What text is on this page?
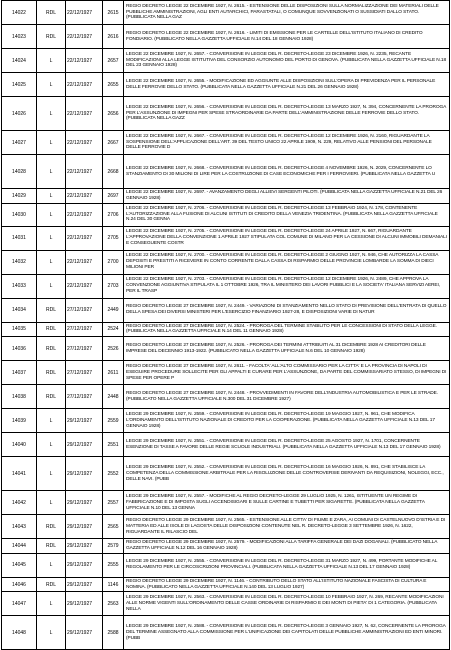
14022	RDL	22/12/1927	2615	REGIO DECRETO LEGGE 22 DICEMBRE 1927, N. 2615. - ESTENSIONE DELLE DISPOSIZIONI SULLA NORMALIZZAZIONE DEI MATERIALI DELLE PUBBLICHE AMMINISTRAZIONI, AGLI ENTI AUTARCHICI, PARASTATALI, O COMUNQUE SOVVENZIONATI O SUSSIDIATI DALLO STATO. (PUBBLICATA NELLA GAZ
14023	RDL	22/12/1927	2616	REGIO DECRETO LEGGE 22 DICEMBRE 1927, N. 2616. - LIMITI DI EMISSIONE PER LE CARTELLE DELL'ISTITUTO ITALIANO DI CREDITO FONDIARIO. (PUBBLICATO NELLA GAZZETTA UFFICIALE N.14 DEL 18 GENNAIO 1928)
14024	L	22/12/1927	2657	LEGGE 22 DICEMBRE 1927, N. 2657. - CONVERSIONE IN LEGGE DEL R. DECRETO-LEGGE 23 DICEMBRE 1926, N. 2235, RECANTE MODIFICAZIONI ALLA LEGGE ISTITUTIVA DEL CONSORZIO AUTONOMO DEL PORTO DI GENOVA. (PUBBLICATA NELLA GAZZETTA UFFICIALE N.18 DEL 23 GENNAIO 1928)
14025	L	22/12/1927	2655	LEGGE 22 DICEMBRE 1927, N. 2655. - MODIFICAZIONE ED AGGIUNTE ALLE DISPOSIZIONI SULL'OPERA DI PREVIDENZA PER IL PERSONALE DELLE FERROVIE DELLO STATO. (PUBBLICATA NELLA GAZZETTA UFFICIALE N.21 DEL 26 GENNAIO 1928)
14026	L	22/12/1927	2656	LEGGE 22 DICEMBRE 1927, N. 2656. - CONVERSIONE IN LEGGE DEL R. DECRETO-LEGGE 13 MARZO 1927, N. 394, CONCERNENTE LA PROROGA PER L'ASSUNZIONE DI IMPEGNI PER SPESE STRAORDINARIE DA PARTE DELL'AMMINISTRAZIONE DELLE FERROVIE DELLO STATO. (PUBBLICATA NELLA GAZZ
14027	L	22/12/1927	2667	LEGGE 22 DICEMBRE 1927, N. 2667. - CONVERSIONE IN LEGGE DEL R. DECRETO-LEGGE 12 DICEMBRE 1926, N. 2160, RIGUARDANTE LA SOSPENSIONE DELL'APPLICAZIONE DELL'ART. 39 DEL TESTO UNICO 22 APRILE 1909, N. 229, RELATIVO ALLE PENSIONI DEL PERSONALE DELLE FERROVIE D
14028	L	22/12/1927	2668	LEGGE 22 DICEMBRE 1927, N. 2668. - CONVERSIONE IN LEGGE DEL R. DECRETO-LEGGE 4 NOVEMBRE 1926, N. 2029, CONCERNENTE LO STANZIAMENTO DI 30 MILIONI DI LIRE PER LA COSTRUZIONE DI CASE ECONOMICHE PER I FERROVIERI. (PUBBLICATA NELLA GAZZETTA U
14029	L	22/12/1927	2697	LEGGE 22 DICEMBRE 1927, N. 2697. - AVANZAMENTO DEGLI ALLIEVI SERGENTI PILOTI. (PUBBLICATA NELLA GAZZETTA UFFICIALE N.21 DEL 26 GENNAIO 1928)
14030	L	22/12/1927	2706	LEGGE 22 DICEMBRE 1927, N. 2706. - CONVERSIONE IN LEGGE DEL R. DECRETO-LEGGE 13 FEBBRAIO 1924, N. 178, CONTENENTE L'AUTORIZZAZIONE ALLA FUSIONE DI ALCUNI ISTITUTI DI CREDITO DELLA VENEZIA TRIDENTINA. (PUBBLICATA NELLA GAZZETTA UFFICIALE N.24 DEL 30 GENNA
14031	L	22/12/1927	2705	LEGGE 22 DICEMBRE 1927, N. 2705. - CONVERSIONE IN LEGGE DEL R. DECRETO-LEGGE 24 APRILE 1927, N. 667, RIGUARDANTE L'APPROVAZIONE DELLA CONVENZIONE 1 APRILE 1927 STIPULATA COL COMUNE DI MILANO PER LA CESSIONE DI ALCUNI IMMOBILI DEMANIALI E CONSEGUENTE COSTR
14032	L	22/12/1927	2700	LEGGE 22 DICEMBRE 1927, N. 2700. - CONVERSIONE IN LEGGE DEL R. DECRETO-LEGGE 2 GIUGNO 1927, N. 946, CHE AUTORIZZA LA CASSA DEPOSITI E PRESTITI A RICEVERE IN CONTO CORRENTE DALLA CASSA DI RISPARMIO DELLE PROVINCIE LOMBARDE LA SOMMA DI DIECI MILIONI PER
14033	L	22/12/1927	2703	LEGGE 22 DICEMBRE 1927, N. 2703. - CONVERSIONE IN LEGGE DEL R. DECRETO-LEGGE 12 DICEMBRE 1926, N. 2489, CHE APPROVA LA CONVENZIONE AGGIUNTIVA STIPULATA IL 1 OTTOBRE 1926, TRA IL MINISTERO DEI LAVORI PUBBLICI E LA SOCIETA' ITALIANA SERVIZI AEREI, PER IL TRASP
14034	RDL	27/12/1927	2449	REGIO DECRETO LEGGE 27 DICEMBRE 1927, N. 2449. - VARIAZIONI DI STANZIAMENTO NELLO STATO DI PREVISIONE DELL'ENTRATA DI QUELLO DELLA SPESA DEI DIVERSI MINISTERI PER L'ESERCIZIO FINANZIARIO 1927-28, E DISPOSIZIONI VARIE DI NATUR
14035	RDL	27/12/1927	2524	REGIO DECRETO LEGGE 27 DICEMBRE 1927, N. 2524. - PROROGA DEL TERMINE STABILITO PER LE CONCESSIONI DI STATO DELLA LEGGE. (PUBBLICATA NELLA GAZZETTA UFFICIALE N.14 DEL 11 GENNAIO 1928)
14036	RDL	27/12/1927	2526	REGIO DECRETO LEGGE 27 DICEMBRE 1927, N. 2526. - PROROGA DEI TERMINI ATTRIBUITI AL 31 DICEMBRE 1928 AI CREDITORI DELLE IMPRESE DEL DECENNIO 1913-1922. (PUBBLICATO NELLA GAZZETTA UFFICIALE N.6 DEL 10 GENNAIO 1928)
14037	RDL	27/12/1927	2611	REGIO DECRETO LEGGE 27 DICEMBRE 1927, N. 2611. - FACOLTA' ALL'ALTO COMMISSARIO PER LA CITTA' E LA PROVINCIA DI NAPOLI DI ESEGUIRE PROCEDURE SOLLECITE PER GLI APPALTI E CURARE PER L'ASSUNZIONE, DA PARTE DEL COMMISSARIATO STESSO, DI IMPEGNI DI SPESE PER OPERE P
14038	RDL	27/12/1927	2448	REGIO DECRETO LEGGE 27 DICEMBRE 1927, N. 2448. - PROVVEDIMENTI IN FAVORE DELL'INDUSTRIA AUTOMOBILISTICA E PER LE STRADE. (PUBBLICATO NELLA GAZZETTA UFFICIALE N.300 DEL 31 DICEMBRE 1927)
14039	L	29/12/1927	2559	LEGGE 29 DICEMBRE 1927, N. 2559. - CONVERSIONE IN LEGGE DEL R. DECRETO-LEGGE 19 MAGGIO 1927, N. 961, CHE MODIFICA L'ORDINAMENTO DELL'ISTITUTO NAZIONALE DI CREDITO PER LA COOPERAZIONE. (PUBBLICATA NELLA GAZZETTA UFFICIALE N.13 DEL 17 GENNAIO 1928)
14040	L	29/12/1927	2551	LEGGE 29 DICEMBRE 1927, N. 2551. - CONVERSIONE IN LEGGE DEL R. DECRETO-LEGGE 25 AGOSTO 1927, N. 1701, CONCERNENTE ESENZIONE DI TASSE A FAVORE DELLE REGIE SCUOLE INDUSTRIALI. (PUBBLICATA NELLA GAZZETTA UFFICIALE N.13 DEL 17 GENNAIO 1928)
14041	L	29/12/1927	2552	LEGGE 29 DICEMBRE 1927, N. 2552. - CONVERSIONE IN LEGGE DEL R. DECRETO-LEGGE 16 MAGGIO 1926, N. 891, CHE STABILISCE LA COMPETENZA DELLA COMMISSIONE ARBITRALE PER LA RISOLUZIONE DELLE CONTROVERSIE DERIVANTI DA REQUISIZIONI, NOLEGGI, ECC., DELLE NAVI. (PUBB
14042	L	29/12/1927	2557	LEGGE 29 DICEMBRE 1927, N. 2557. - MODIFICHE AL REGIO DECRETO-LEGGE 29 LUGLIO 1925, N. 1261, ISTITUENTE UN REGIME DI FABBRICAZIONE E DI IMPOSTA SUGLI ACCENDISIGARI E SULLE CARTINE E TUBETTI PER SIGARETTE. (PUBBLICATA NELLA GAZZETTA UFFICIALE N.10 DEL 13 GENNA
14043	RDL	29/12/1927	2565	REGIO DECRETO LEGGE 29 DICEMBRE 1927, N. 2565. - ESTENSIONE ALLE CITTA' DI FIUME E ZARA, AI COMUNI DI CASTELNUOVO D'ISTRIA E DI MATTERIA ED ALLE ISOLE DI LAGOSTA DELLE DISPOSIZIONI CONTENUTE NEL R. DECRETO-LEGGE 3 SETTEMBRE 1926, N. 1622, RIGUARDANTE IL RILASCIO DEL
14044	RDL	29/12/1927	2579	REGIO DECRETO LEGGE 29 DICEMBRE 1927, N. 2579. - MODIFICAZIONI ALLA TARIFFA GENERALE DEI DAZI DOGANALI. (PUBBLICATO NELLA GAZZETTA UFFICIALE N.12 DEL 16 GENNAIO 1928)
14045	L	29/12/1927	2555	LEGGE 29 DICEMBRE 1927, N. 2555. - CONVERSIONE IN LEGGE DEL R. DECRETO-LEGGE 31 MARZO 1927, N. 499, PORTANTE MODIFICHE AL REGOLAMENTO PER LE CIRCOSCRIZIONI PROVINCIALI. (PUBBLICATA NELLA GAZZETTA UFFICIALE N.13 DEL 17 GENNAIO 1928)
14046	RDL	29/12/1927	1146	REGIO DECRETO LEGGE 29 DICEMBRE 1927, N. 1146. - CONTRIBUTO DELLO STATO ALL'ISTITUTO NAZIONALE FASCISTA DI CULTURA E NOMINA. (PUBBLICATO NELLA GAZZETTA UFFICIALE N.140 DEL 13 LUGLIO 1927)
14047	L	29/12/1927	2563	LEGGE 29 DICEMBRE 1927, N. 2563. - CONVERSIONE IN LEGGE DEL R. DECRETO-LEGGE 10 FEBBRAIO 1927, N. 269, RECANTE MODIFICAZIONI ALLE NORME VIGENTI SULL'ORDINAMENTO DELLE CASSE ORDINARIE DI RISPARMIO E DEI MONTI DI PIETA' DI 1 CATEGORIA. (PUBBLICATA NELLA
14048	L	29/12/1927	2588	LEGGE 29 DICEMBRE 1927, N. 2588. - CONVERSIONE IN LEGGE DEL R. DECRETO-LEGGE 3 GENNAIO 1927, N. 62, CONCERNENTE LA PROROGA DEL TERMINE ASSEGNATO ALLA COMMISSIONE PER L'UNIFICAZIONE DEI CAPITOLATI DELLE PUBBLICHE AMMINISTRAZIONI ED ENTI MINORI. (PUBB
